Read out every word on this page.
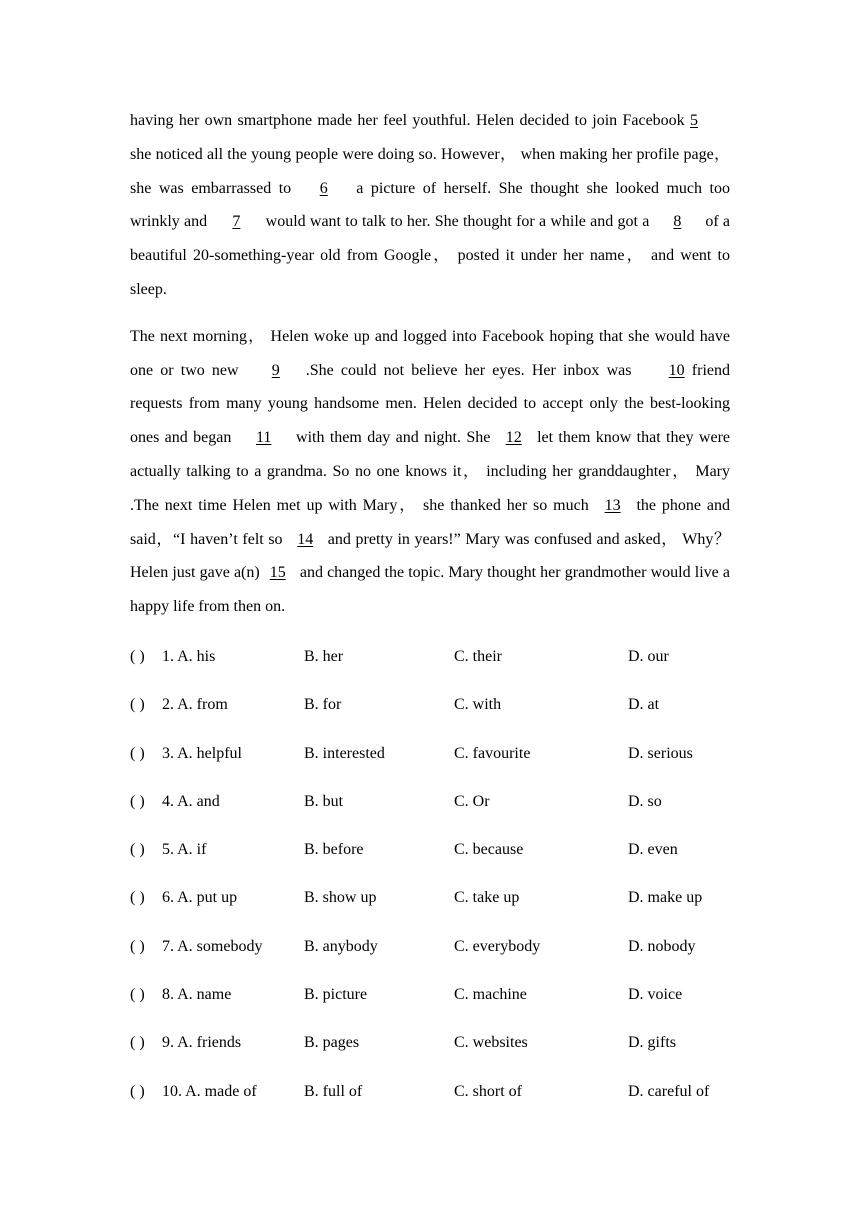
having her own smartphone made her feel youthful. Helen decided to join Facebook 5she noticed all the young people were doing so. However， when making her profile page， she was embarrassed to 6 a picture of herself. She thought she looked much too wrinkly and 7 would want to talk to her. She thought for a while and got a 8 of a beautiful 20-something-year old from Google， posted it under her name， and went to sleep.

The next morning， Helen woke up and logged into Facebook hoping that she would have one or two new 9 .She could not believe her eyes. Her inbox was 10 friend requests from many young handsome men. Helen decided to accept only the best-looking ones and began 11 with them day and night. She 12 let them know that they were actually talking to a grandma. So no one knows it， including her granddaughter， Mary .The next time Helen met up with Mary， she thanked her so much 13 the phone and said，“I haven’t felt so 14 and pretty in years!” Mary was confused and asked， Why？Helen just gave a(n) 15 and changed the topic. Mary thought her grandmother would live a happy life from then on.

( ) 1. A. his	B. her	C. their	D. our
( ) 2. A. from	B. for	C. with	D. at
( ) 3. A. helpful	B. interested	C. favourite	D. serious
( ) 4. A. and	B. but	C. Or	D. so
( ) 5. A. if	B. before	C. because	D. even
( ) 6. A. put up	B. show up	C. take up	D. make up
( ) 7. A. somebody	B. anybody	C. everybody	D. nobody
( ) 8. A. name	B. picture	C. machine	D. voice
( ) 9. A. friends	B. pages	C. websites	D. gifts
( ) 10. A. made of	B. full of	C. short of	D. careful of
